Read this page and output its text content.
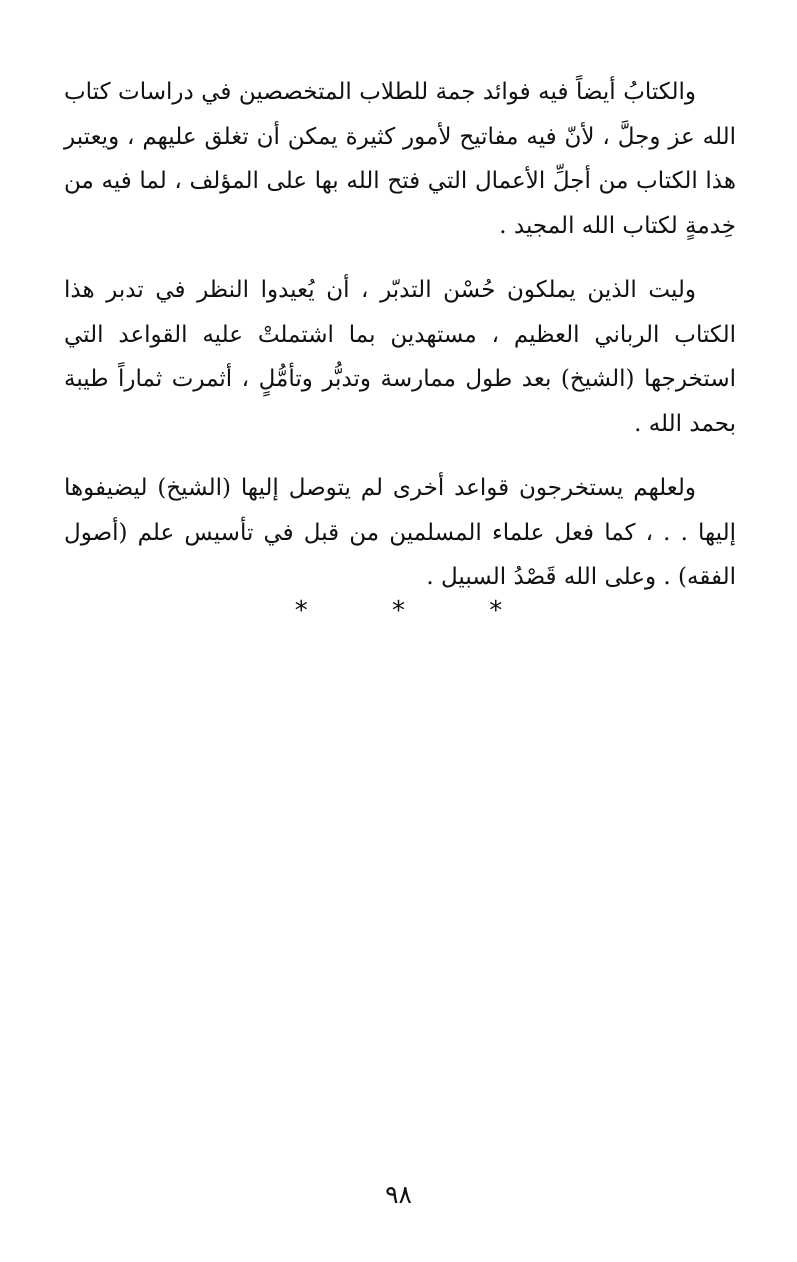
والكتابُ أيضاً فيه فوائد جمة للطلاب المتخصصين في دراسات كتاب الله عز وجلَّ ، لأنّ فيه مفاتيح لأمور كثيرة يمكن أن تغلق عليهم ، ويعتبر هذا الكتاب من أجلِّ الأعمال التي فتح الله بها على المؤلف ، لما فيه من خِدمةٍ لكتاب الله المجيد .

وليت الذين يملكون حُسْن التدبّر ، أن يُعيدوا النظر في تدبر هذا الكتاب الرباني العظيم ، مستهدين بما اشتملتْ عليه القواعد التي استخرجها (الشيخ) بعد طول ممارسة وتدبُّر وتأمُّلٍ ، أثمرت ثماراً طيبة بحمد الله .

ولعلهم يستخرجون قواعد أخرى لم يتوصل إليها (الشيخ) ليضيفوها إليها . . ، كما فعل علماء المسلمين من قبل في تأسيس علم (أصول الفقه) . وعلى الله قَصْدُ السبيل .

* * *
٩٨
